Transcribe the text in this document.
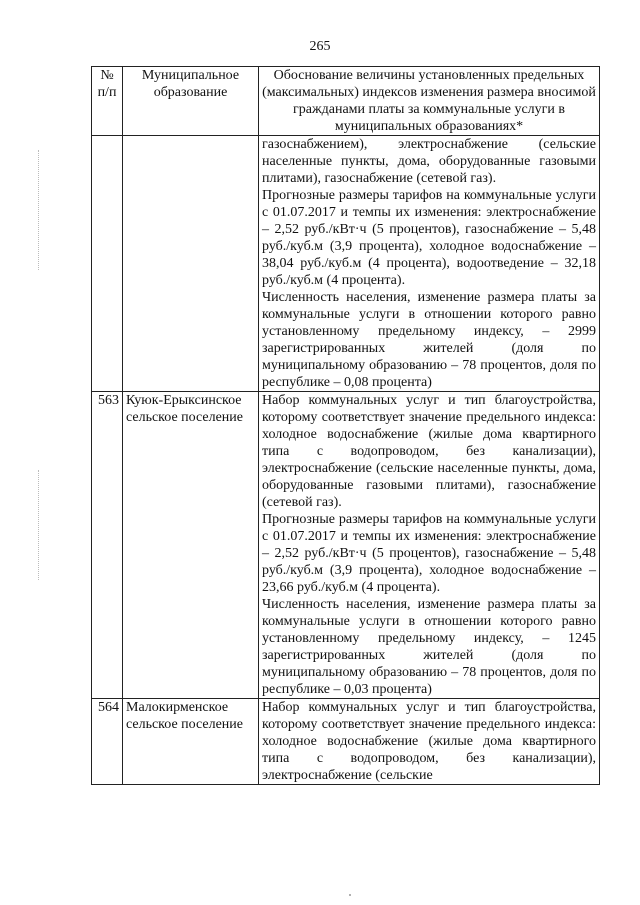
265
№ п/п	Муниципальное образование	Обоснование величины установленных предельных (максимальных) индексов изменения размера вносимой гражданами платы за коммунальные услуги в муниципальных образованиях*

		газоснабжением), электроснабжение (сельские населенные пункты, дома, оборудованные газовыми плитами), газоснабжение (сетевой газ).

Прогнозные размеры тарифов на коммунальные услуги с 01.07.2017 и темпы их изменения: электроснабжение – 2,52 руб./кВт·ч (5 процентов), газоснабжение – 5,48 руб./куб.м (3,9 процента), холодное водоснабжение – 38,04 руб./куб.м (4 процента), водоотведение – 32,18 руб./куб.м (4 процента).

Численность населения, изменение размера платы за коммунальные услуги в отношении которого равно установленному предельному индексу, – 2999 зарегистрированных жителей (доля по муниципальному образованию – 78 процентов, доля по республике – 0,08 процента)

563	Куюк-Ерыксинское сельское поселение	Набор коммунальных услуг и тип благоустройства, которому соответствует значение предельного индекса: холодное водоснабжение (жилые дома квартирного типа с водопроводом, без канализации), электроснабжение (сельские населенные пункты, дома, оборудованные газовыми плитами), газоснабжение (сетевой газ).

Прогнозные размеры тарифов на коммунальные услуги с 01.07.2017 и темпы их изменения: электроснабжение – 2,52 руб./кВт·ч (5 процентов), газоснабжение – 5,48 руб./куб.м (3,9 процента), холодное водоснабжение – 23,66 руб./куб.м (4 процента).

Численность населения, изменение размера платы за коммунальные услуги в отношении которого равно установленному предельному индексу, – 1245 зарегистрированных жителей (доля по муниципальному образованию – 78 процентов, доля по республике – 0,03 процента)

564	Малокирменское сельское поселение	Набор коммунальных услуг и тип благоустройства, которому соответствует значение предельного индекса: холодное водоснабжение (жилые дома квартирного типа с водопроводом, без канализации), электроснабжение (сельские
